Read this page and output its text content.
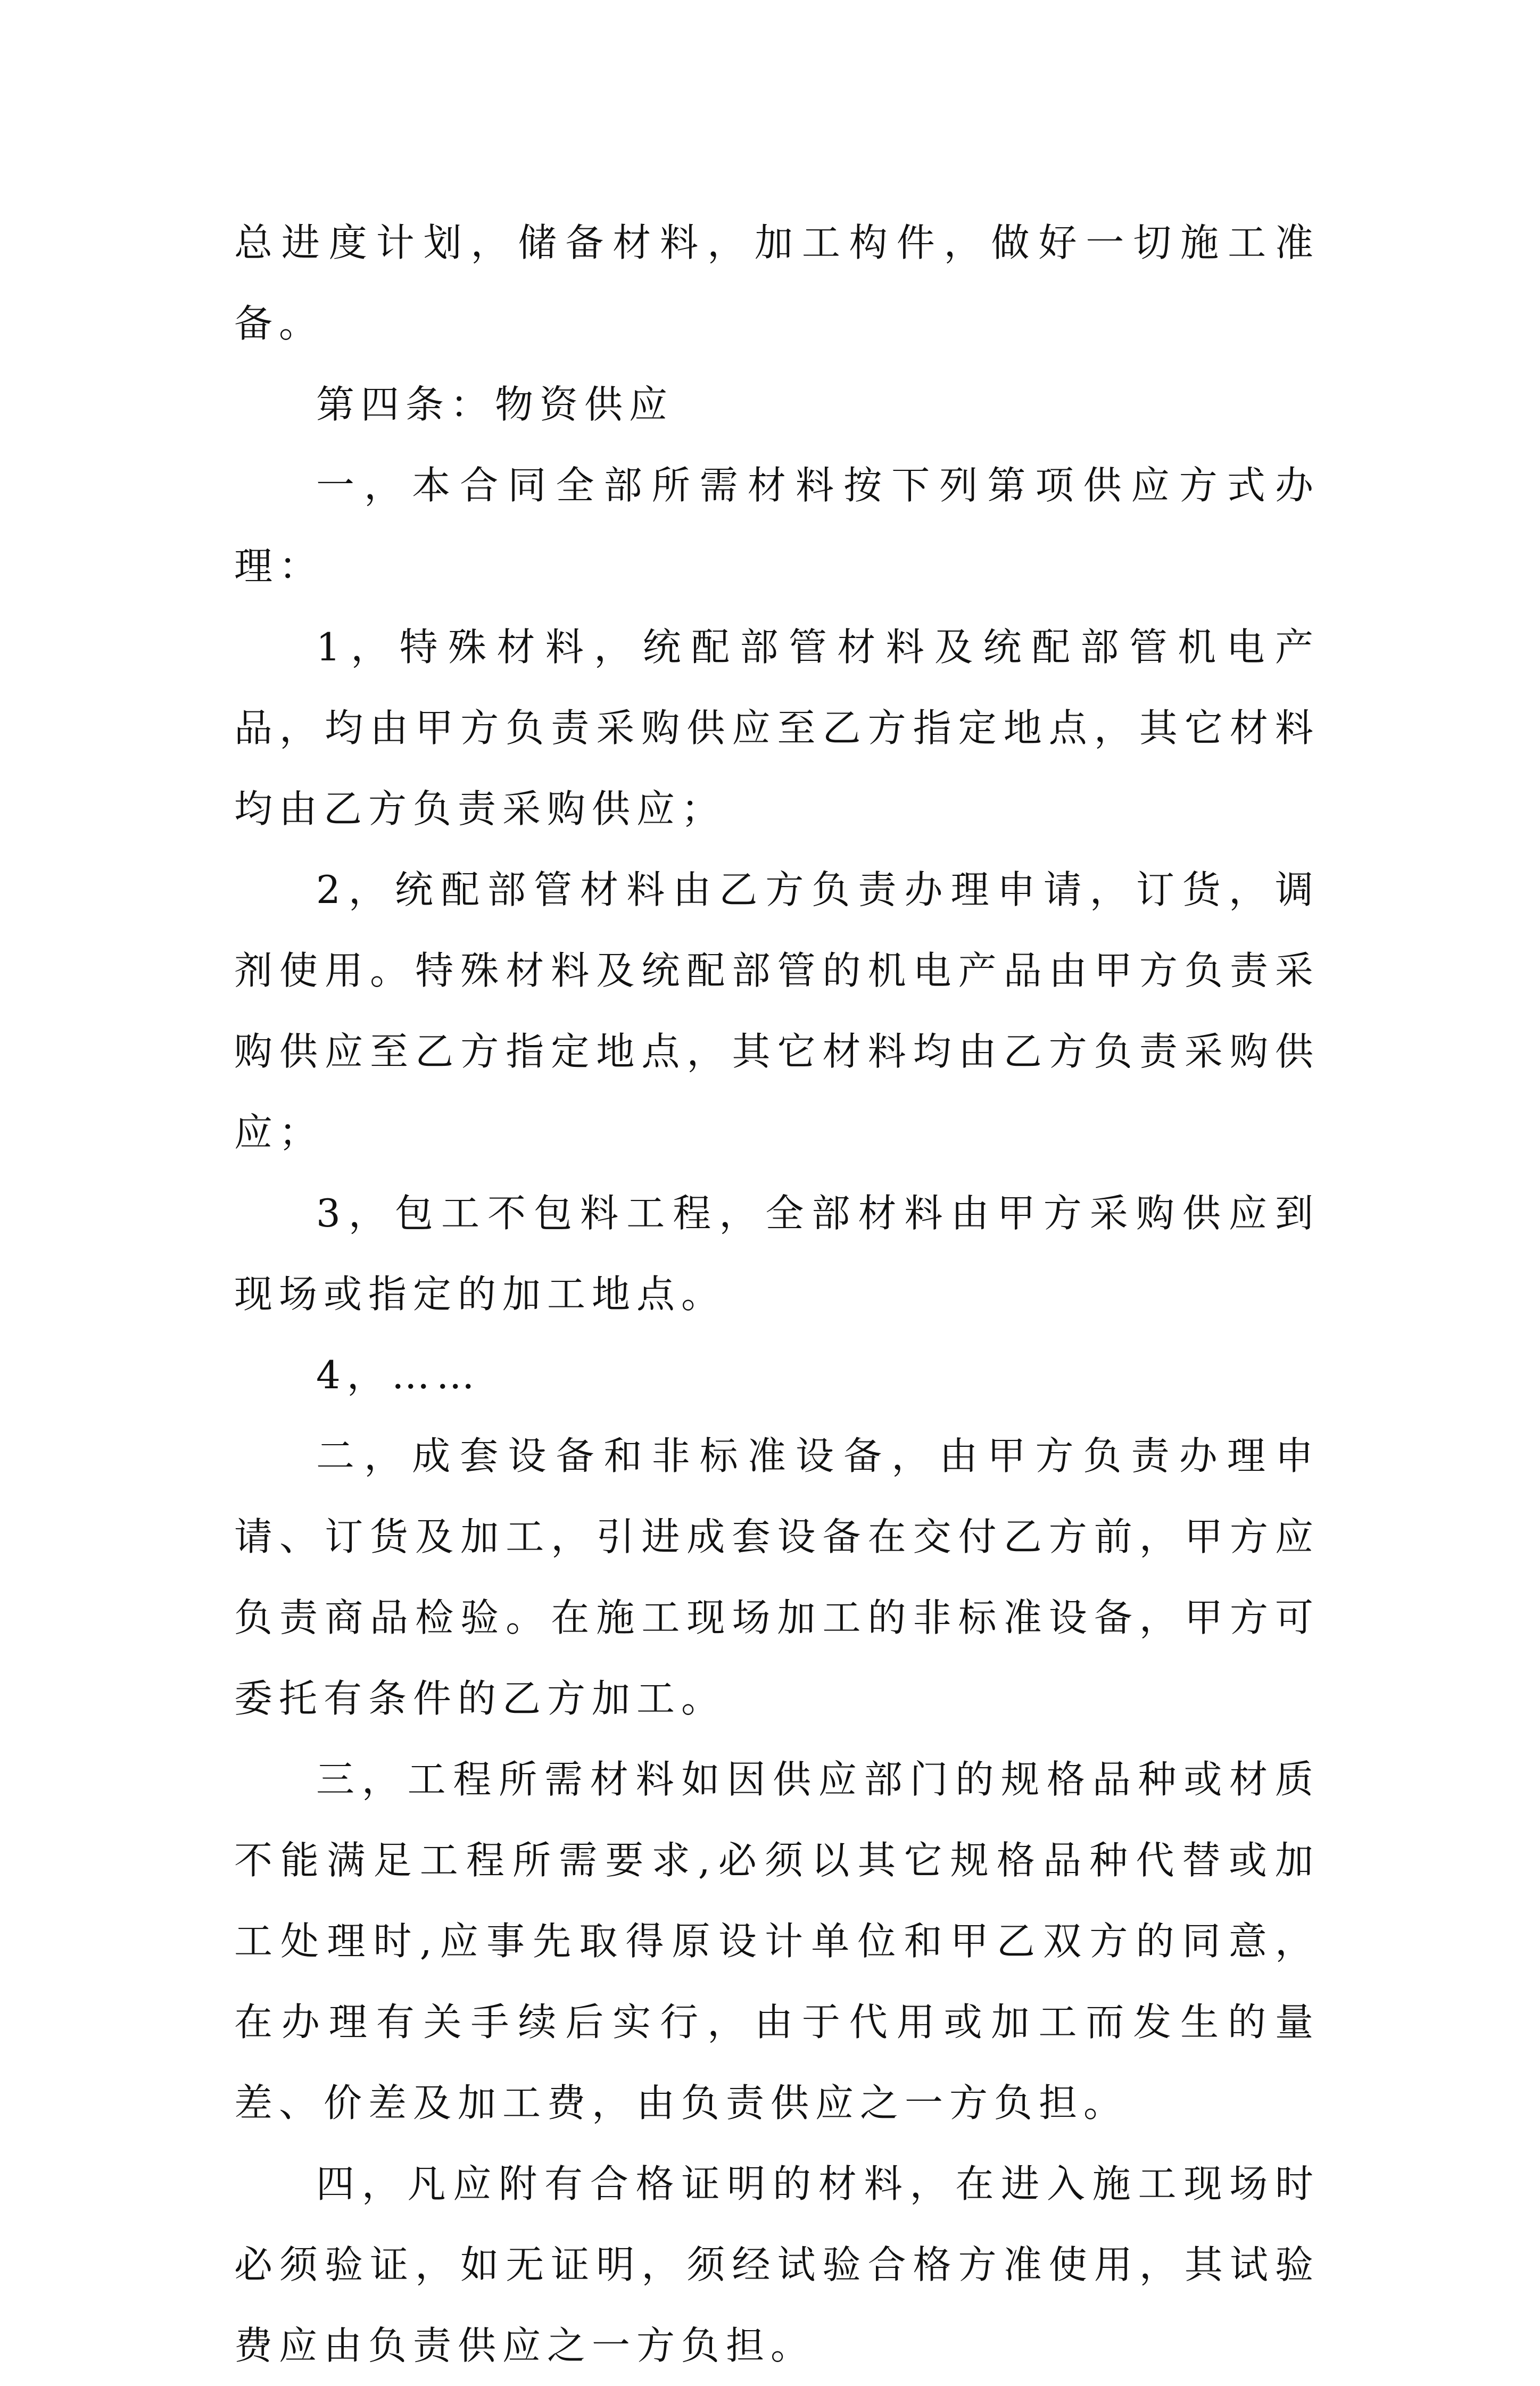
总进度计划，储备材料，加工构件，做好一切施工准备。

第四条：物资供应

一，本合同全部所需材料按下列第项供应方式办理：

1，特殊材料，统配部管材料及统配部管机电产品，均由甲方负责采购供应至乙方指定地点，其它材料均由乙方负责采购供应；

2，统配部管材料由乙方负责办理申请，订货，调剂使用。特殊材料及统配部管的机电产品由甲方负责采购供应至乙方指定地点，其它材料均由乙方负责采购供应；

3，包工不包料工程，全部材料由甲方采购供应到现场或指定的加工地点。

4，……

二，成套设备和非标准设备，由甲方负责办理申请、订货及加工，引进成套设备在交付乙方前，甲方应负责商品检验。在施工现场加工的非标准设备，甲方可委托有条件的乙方加工。

三，工程所需材料如因供应部门的规格品种或材质不能满足工程所需要求,必须以其它规格品种代替或加工处理时,应事先取得原设计单位和甲乙双方的同意，在办理有关手续后实行，由于代用或加工而发生的量差、价差及加工费，由负责供应之一方负担。

四，凡应附有合格证明的材料，在进入施工现场时必须验证，如无证明，须经试验合格方准使用，其试验费应由负责供应之一方负担。
